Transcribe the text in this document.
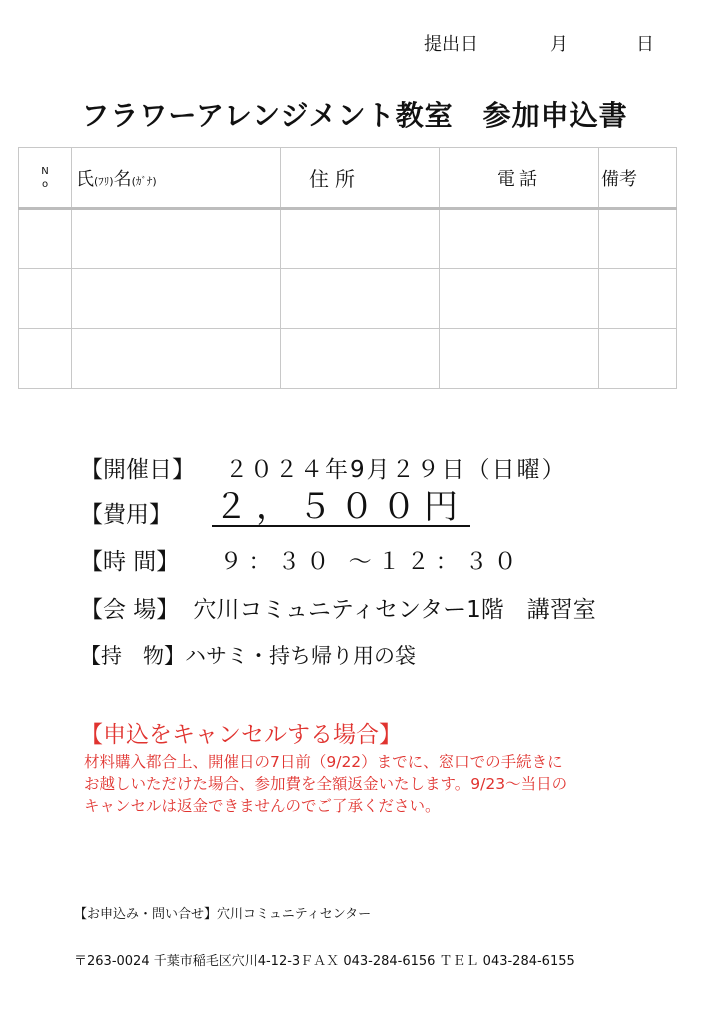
提出日	月	日
フラワーアレンジメント教室　参加申込書
N
o	氏(ﾌﾘ)名(ｶﾞﾅ)	住所	電話	備考

【開催日】 ２０２４年9月２９日（日曜）
【費用】 ２，５００円
【時 間】 ９：３０ ～１２：３０
【会 場】 穴川コミュニティセンター1階　講習室
【持　物】ハサミ・持ち帰り用の袋
【申込をキャンセルする場合】
材料購入都合上、開催日の7日前（9/22）までに、窓口での手続きに
お越しいただけた場合、参加費を全額返金いたします。9/23～当日の
キャンセルは返金できませんのでご了承ください。
【お申込み・問い合せ】穴川コミュニティセンター
〒263-0024 千葉市稲毛区穴川4-12-3ＦＡＸ 043-284-6156 ＴＥＬ 043-284-6155
